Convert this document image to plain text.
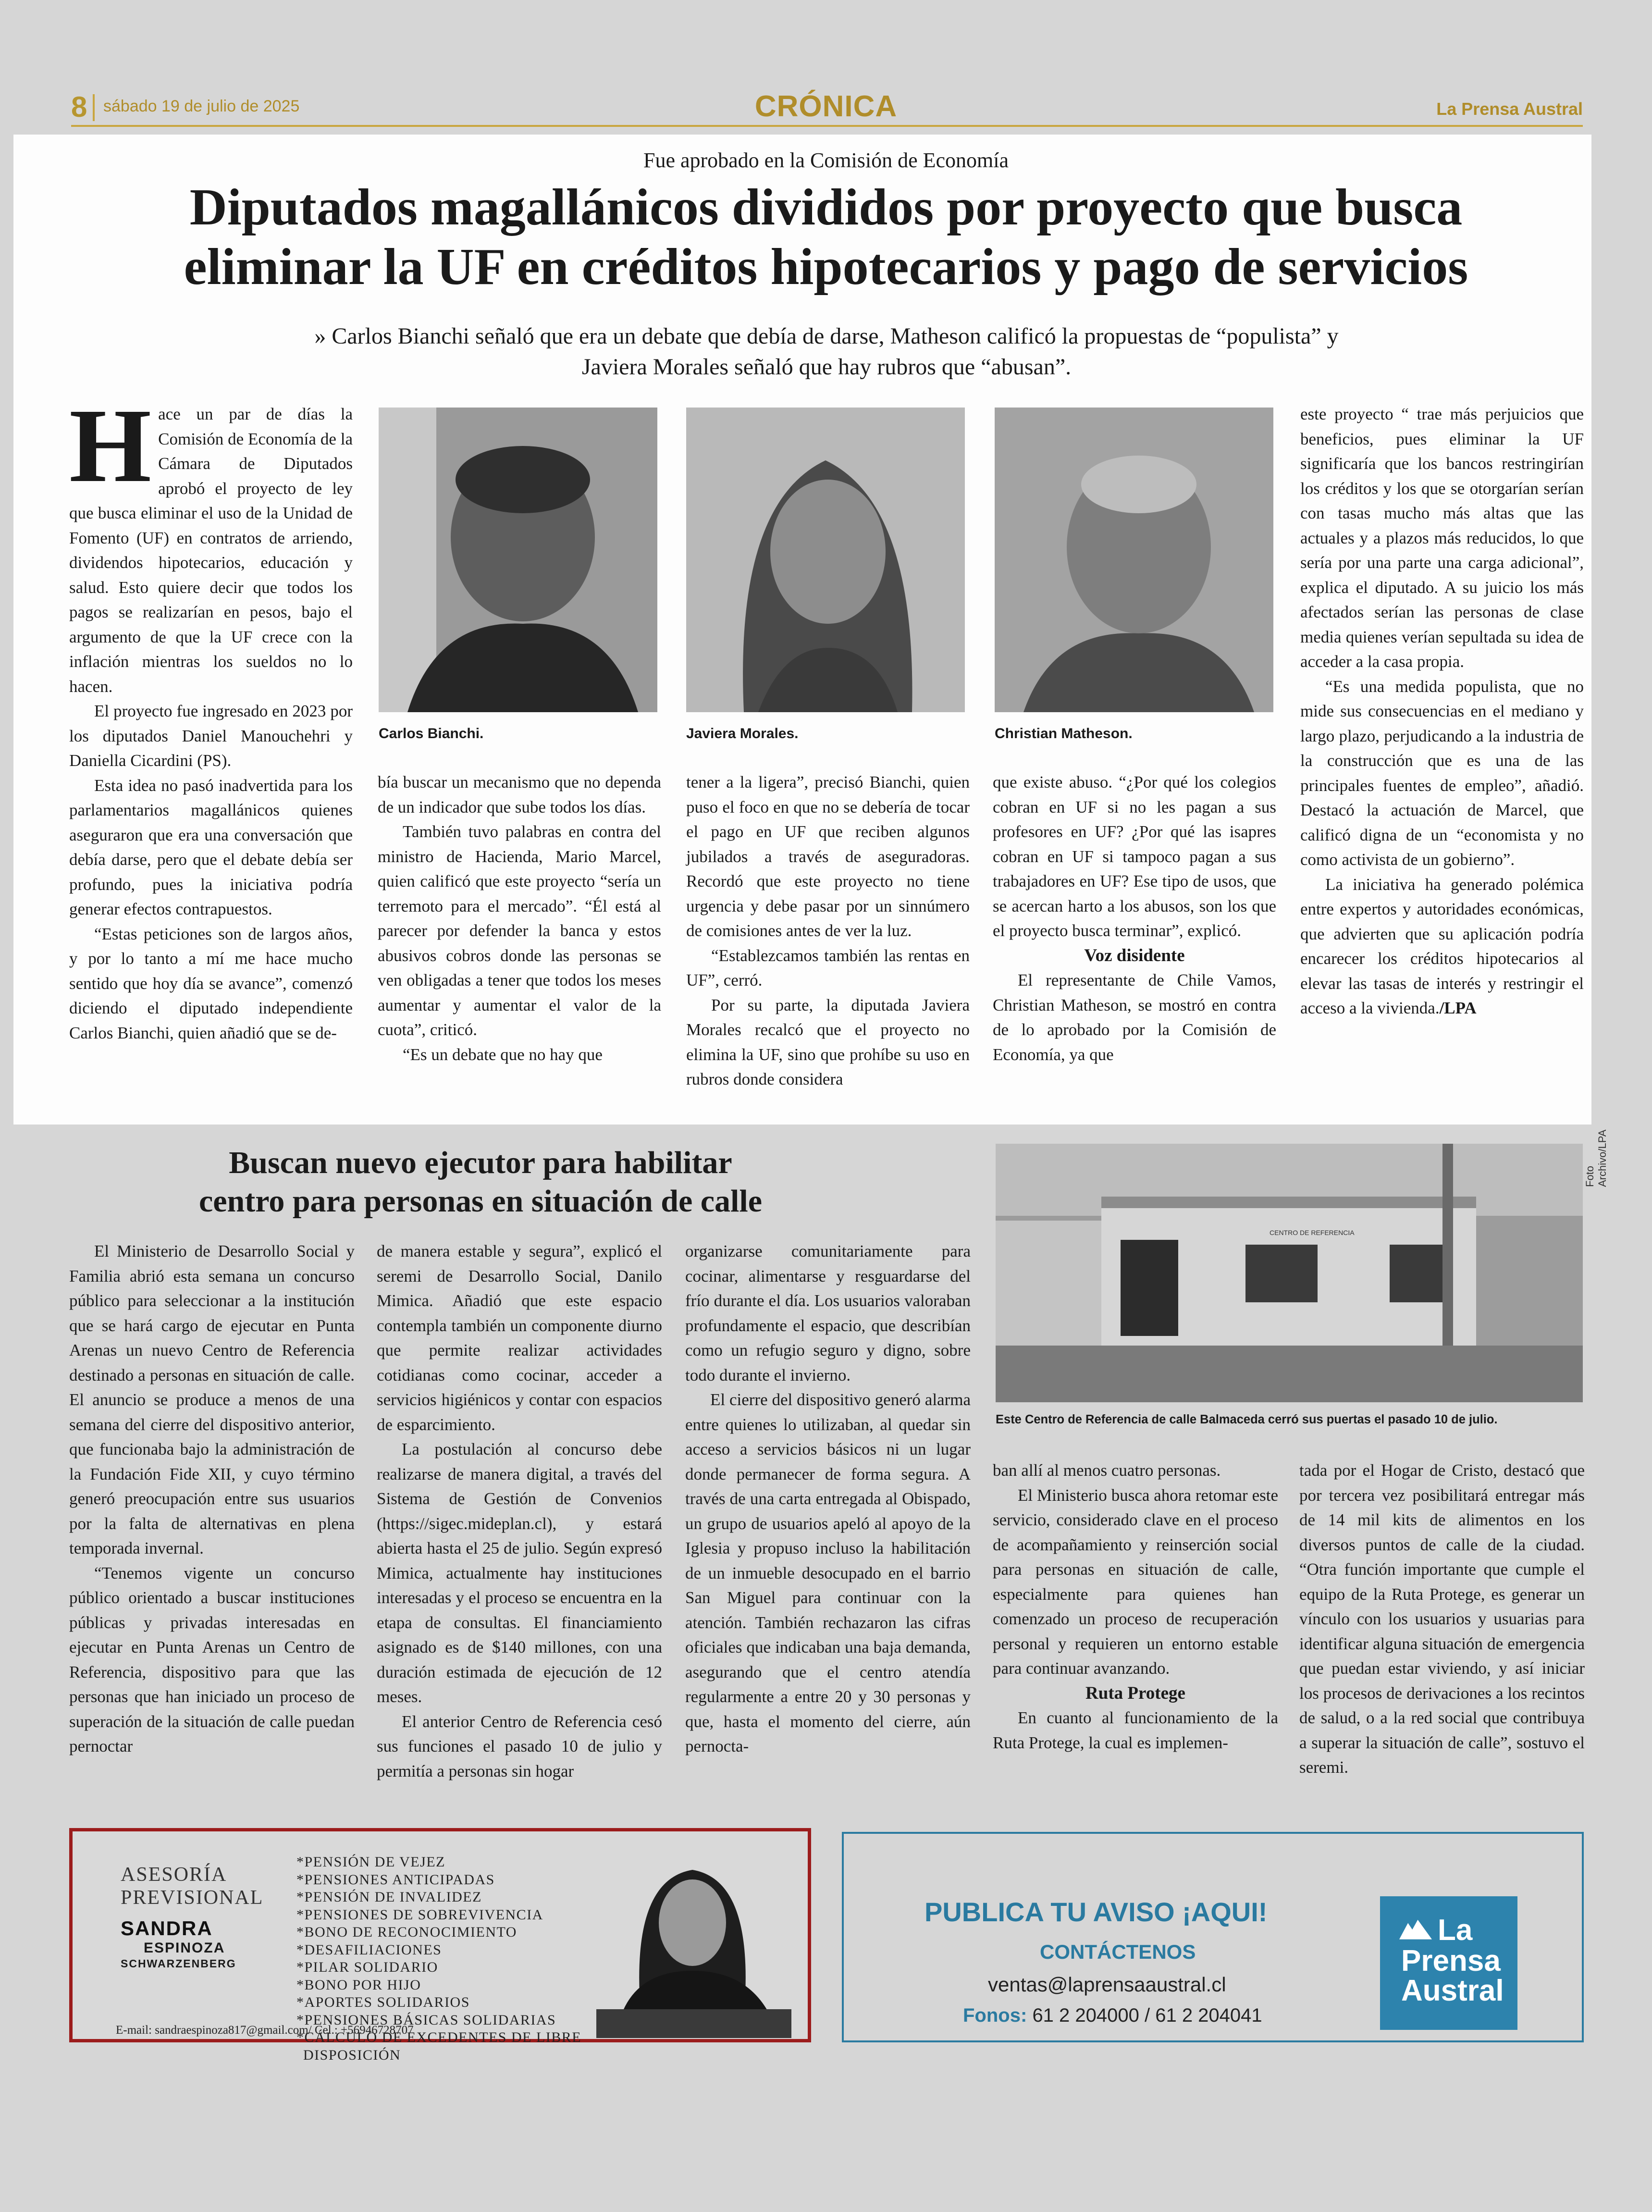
8 sábado 19 de julio de 2025	CRÓNICA	La Prensa Austral
Fue aprobado en la Comisión de Economía
Diputados magallánicos divididos por proyecto que busca
eliminar la UF en créditos hipotecarios y pago de servicios
» Carlos Bianchi señaló que era un debate que debía de darse, Matheson calificó la propuestas de “populista” y Javiera Morales señaló que hay rubros que “abusan”.

Hace un par de días la Comisión de Economía de la Cámara de Diputados aprobó el proyecto de ley que busca eliminar el uso de la Unidad de Fomento (UF) en contratos de arriendo, dividendos hipotecarios, educación y salud. Esto quiere decir que todos los pagos se realizarían en pesos, bajo el argumento de que la UF crece con la inflación mientras los sueldos no lo hacen.

El proyecto fue ingresado en 2023 por los diputados Daniel Manouchehri y Daniella Cicardini (PS).

Esta idea no pasó inadvertida para los parlamentarios magallánicos quienes aseguraron que era una conversación que debía darse, pero que el debate debía ser profundo, pues la iniciativa podría generar efectos contrapuestos.

“Estas peticiones son de largos años, y por lo tanto a mí me hace mucho sentido que hoy día se avance”, comenzó diciendo el diputado independiente Carlos Bianchi, quien añadió que se de-

Carlos Bianchi.	Javiera Morales.	Christian Matheson.

bía buscar un mecanismo que no dependa de un indicador que sube todos los días.

También tuvo palabras en contra del ministro de Hacienda, Mario Marcel, quien calificó que este proyecto “sería un terremoto para el mercado”. “Él está al parecer por defender la banca y estos abusivos cobros donde las personas se ven obligadas a tener que todos los meses aumentar y aumentar el valor de la cuota”, criticó.

“Es un debate que no hay que

tener a la ligera”, precisó Bianchi, quien puso el foco en que no se debería de tocar el pago en UF que reciben algunos jubilados a través de aseguradoras. Recordó que este proyecto no tiene urgencia y debe pasar por un sinnúmero de comisiones antes de ver la luz.

“Establezcamos también las rentas en UF”, cerró.

Por su parte, la diputada Javiera Morales recalcó que el proyecto no elimina la UF, sino que prohíbe su uso en rubros donde considera

que existe abuso. “¿Por qué los colegios cobran en UF si no les pagan a sus profesores en UF? ¿Por qué las isapres cobran en UF si tampoco pagan a sus trabajadores en UF? Ese tipo de usos, que se acercan harto a los abusos, son los que el proyecto busca terminar”, explicó.

Voz disidente

El representante de Chile Vamos, Christian Matheson, se mostró en contra de lo aprobado por la Comisión de Economía, ya que

este proyecto “ trae más perjuicios que beneficios, pues eliminar la UF significaría que los bancos restringirían los créditos y los que se otorgarían serían con tasas mucho más altas que las actuales y a plazos más reducidos, lo que sería por una parte una carga adicional”, explica el diputado. A su juicio los más afectados serían las personas de clase media quienes verían sepultada su idea de acceder a la casa propia.

“Es una medida populista, que no mide sus consecuencias en el mediano y largo plazo, perjudicando a la industria de la construcción que es una de las principales fuentes de empleo”, añadió. Destacó la actuación de Marcel, que calificó digna de un “economista y no como activista de un gobierno”.

La iniciativa ha generado polémica entre expertos y autoridades económicas, que advierten que su aplicación podría encarecer los créditos hipotecarios al elevar las tasas de interés y restringir el acceso a la vivienda./LPA

Buscan nuevo ejecutor para habilitar
centro para personas en situación de calle
CENTRO DE REFERENCIA
Foto Archivo/LPA
Este Centro de Referencia de calle Balmaceda cerró sus puertas el pasado 10 de julio.

El Ministerio de Desarrollo Social y Familia abrió esta semana un concurso público para seleccionar a la institución que se hará cargo de ejecutar en Punta Arenas un nuevo Centro de Referencia destinado a personas en situación de calle. El anuncio se produce a menos de una semana del cierre del dispositivo anterior, que funcionaba bajo la administración de la Fundación Fide XII, y cuyo término generó preocupación entre sus usuarios por la falta de alternativas en plena temporada invernal.

“Tenemos vigente un concurso público orientado a buscar instituciones públicas y privadas interesadas en ejecutar en Punta Arenas un Centro de Referencia, dispositivo para que las personas que han iniciado un proceso de superación de la situación de calle puedan pernoctar

de manera estable y segura”, explicó el seremi de Desarrollo Social, Danilo Mimica. Añadió que este espacio contempla también un componente diurno que permite realizar actividades cotidianas como cocinar, acceder a servicios higiénicos y contar con espacios de esparcimiento.

La postulación al concurso debe realizarse de manera digital, a través del Sistema de Gestión de Convenios (https://sigec.mideplan.cl), y estará abierta hasta el 25 de julio. Según expresó Mimica, actualmente hay instituciones interesadas y el proceso se encuentra en la etapa de consultas. El financiamiento asignado es de $140 millones, con una duración estimada de ejecución de 12 meses.

El anterior Centro de Referencia cesó sus funciones el pasado 10 de julio y permitía a personas sin hogar

organizarse comunitariamente para cocinar, alimentarse y resguardarse del frío durante el día. Los usuarios valoraban profundamente el espacio, que describían como un refugio seguro y digno, sobre todo durante el invierno.

El cierre del dispositivo generó alarma entre quienes lo utilizaban, al quedar sin acceso a servicios básicos ni un lugar donde permanecer de forma segura. A través de una carta entregada al Obispado, un grupo de usuarios apeló al apoyo de la Iglesia y propuso incluso la habilitación de un inmueble desocupado en el barrio San Miguel para continuar con la atención. También rechazaron las cifras oficiales que indicaban una baja demanda, asegurando que el centro atendía regularmente a entre 20 y 30 personas y que, hasta el momento del cierre, aún pernocta-

ban allí al menos cuatro personas.

El Ministerio busca ahora retomar este servicio, considerado clave en el proceso de acompañamiento y reinserción social para personas en situación de calle, especialmente para quienes han comenzado un proceso de recuperación personal y requieren un entorno estable para continuar avanzando.

Ruta Protege

En cuanto al funcionamiento de la Ruta Protege, la cual es implemen-

tada por el Hogar de Cristo, destacó que por tercera vez posibilitará entregar más de 14 mil kits de alimentos en los diversos puntos de calle de la ciudad. “Otra función importante que cumple el equipo de la Ruta Protege, es generar un vínculo con los usuarios y usuarias para identificar alguna situación de emergencia que puedan estar viviendo, y así iniciar los procesos de derivaciones a los recintos de salud, o a la red social que contribuya a superar la situación de calle”, sostuvo el seremi.

ASESORÍA
PREVISIONAL
SANDRA
ESPINOZA
SCHWARZENBERG
*PENSIÓN DE VEJEZ
*PENSIONES ANTICIPADAS
*PENSIÓN DE INVALIDEZ
*PENSIONES DE SOBREVIVENCIA
*BONO DE RECONOCIMIENTO
*DESAFILIACIONES
*PILAR SOLIDARIO
*BONO POR HIJO
*APORTES SOLIDARIOS
*PENSIONES BÁSICAS SOLIDARIAS
*CÁLCULO DE EXCEDENTES DE LIBRE
DISPOSICIÓN
E-mail: sandraespinoza817@gmail.com/ Cel.: +56946728707
PUBLICA TU AVISO ¡AQUI!
CONTÁCTENOS
ventas@laprensaaustral.cl
Fonos: 61 2 204000 / 61 2 204041
La
Prensa
Austral
